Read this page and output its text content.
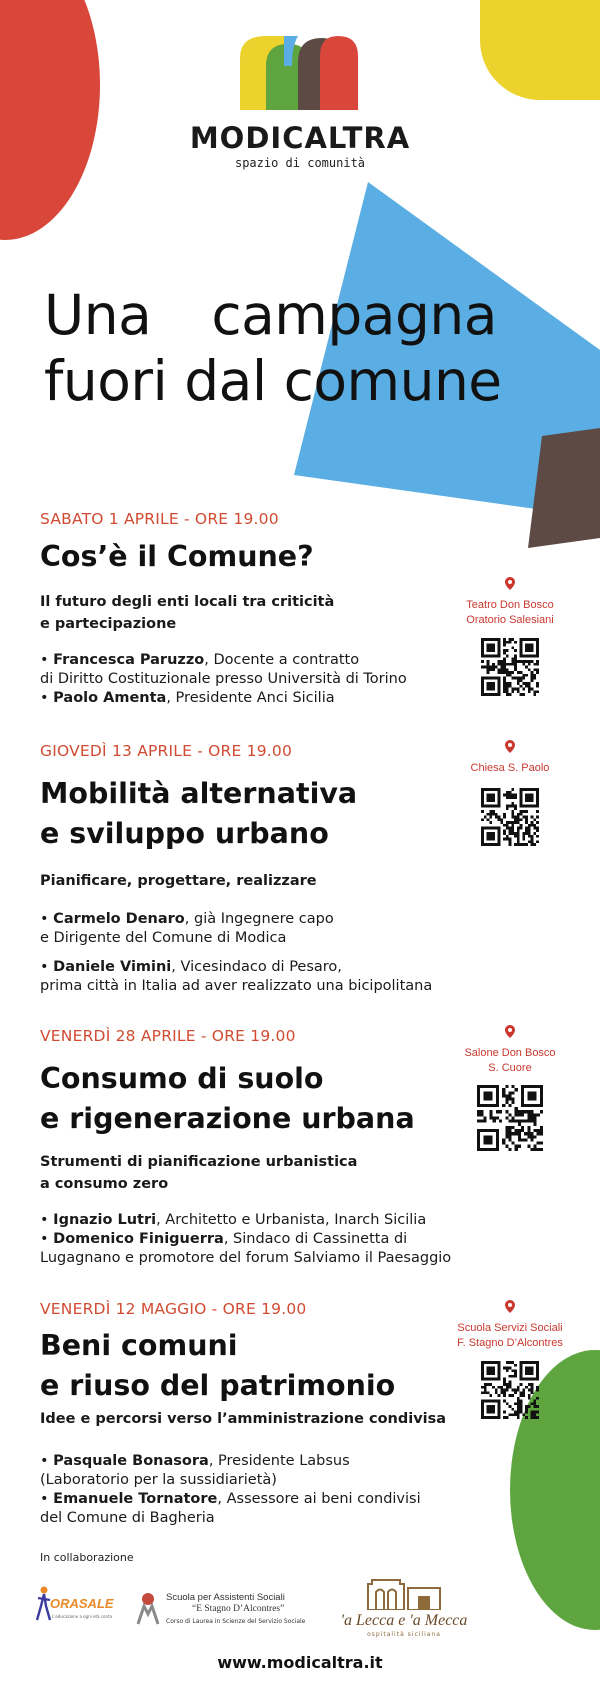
MODICALTRA
spazio di comunità
Una campagna
fuori dal comune
SABATO 1 APRILE - ORE 19.00
Cos’è il Comune?
Il futuro degli enti locali tra criticità
e partecipazione
• Francesca Paruzzo, Docente a contratto
di Diritto Costituzionale presso Università di Torino
• Paolo Amenta, Presidente Anci Sicilia
Teatro Don Bosco
Oratorio Salesiani
GIOVEDÌ 13 APRILE - ORE 19.00
Mobilità alternativa
e sviluppo urbano
Pianificare, progettare, realizzare
• Carmelo Denaro, già Ingegnere capo
e Dirigente del Comune di Modica
• Daniele Vimini, Vicesindaco di Pesaro,
prima città in Italia ad aver realizzato una bicipolitana
Chiesa S. Paolo
VENERDÌ 28 APRILE - ORE 19.00
Consumo di suolo
e rigenerazione urbana
Strumenti di pianificazione urbanistica
a consumo zero
• Ignazio Lutri, Architetto e Urbanista, Inarch Sicilia
• Domenico Finiguerra, Sindaco di Cassinetta di
Lugagnano e promotore del forum Salviamo il Paesaggio
Salone Don Bosco
S. Cuore
VENERDÌ 12 MAGGIO - ORE 19.00
Beni comuni
e riuso del patrimonio
Idee e percorsi verso l’amministrazione condivisa
• Pasquale Bonasora, Presidente Labsus
(Laboratorio per la sussidiarietà)
• Emanuele Tornatore, Assessore ai beni condivisi
del Comune di Bagheria
Scuola Servizi Sociali
F. Stagno D’Alcontres
In collaborazione
ORASALE
L'educazione a ogni età conta
Scuola per Assistenti Sociali
“E Stagno D’Alcontres”
Corso di Laurea in Scienze del Servizio Sociale	'a Lecca e 'a Mecca
ospitalità siciliana
www.modicaltra.it
